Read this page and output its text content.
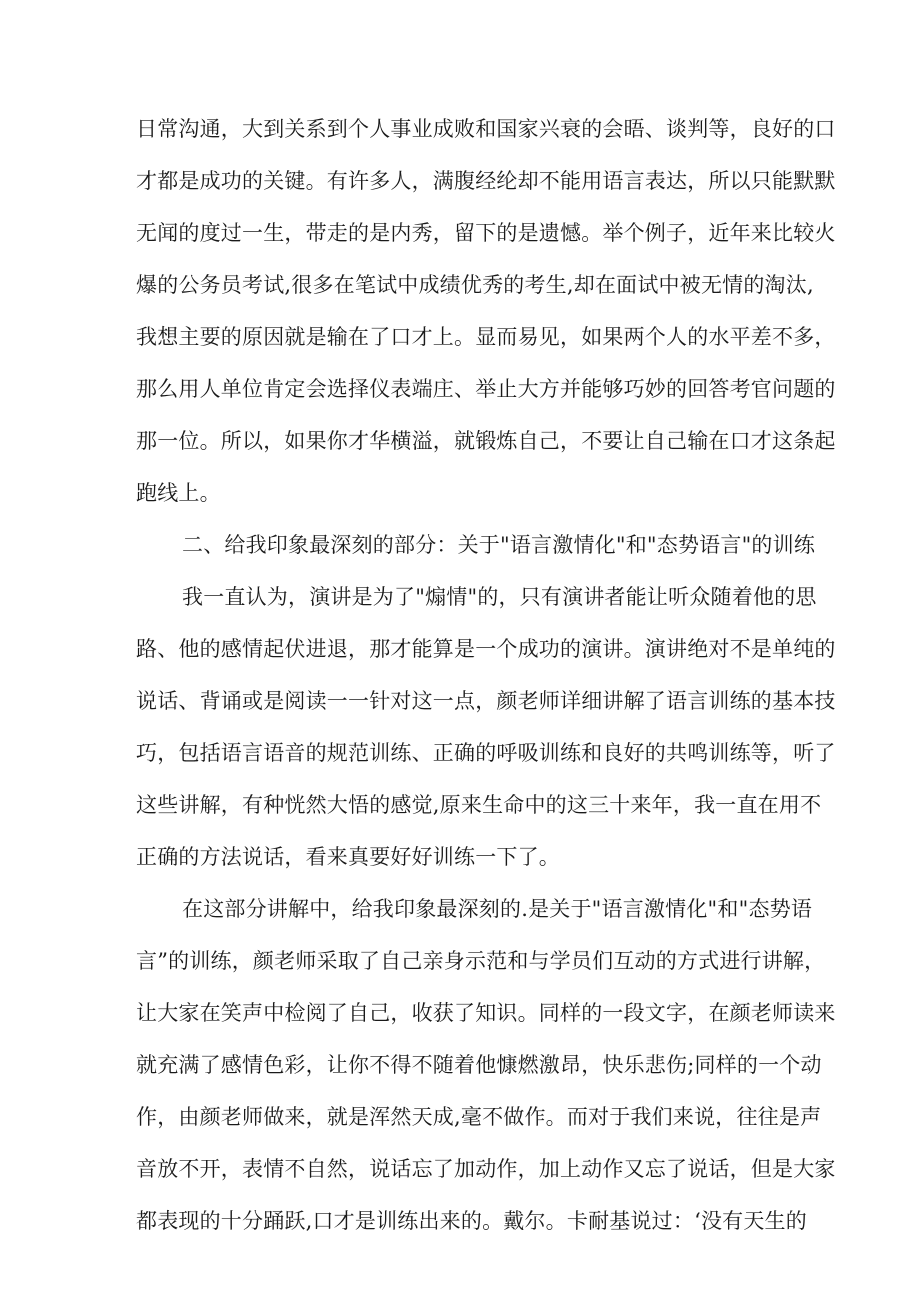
日常沟通，大到关系到个人事业成败和国家兴衰的会晤、谈判等，良好的口
才都是成功的关键。有许多人，满腹经纶却不能用语言表达，所以只能默默
无闻的度过一生，带走的是内秀，留下的是遗憾。举个例子，近年来比较火
爆的公务员考试,很多在笔试中成绩优秀的考生,却在面试中被无情的淘汰,
我想主要的原因就是输在了口才上。显而易见，如果两个人的水平差不多，
那么用人单位肯定会选择仪表端庄、举止大方并能够巧妙的回答考官问题的
那一位。所以，如果你才华横溢，就锻炼自己，不要让自己输在口才这条起
跑线上。
二、给我印象最深刻的部分：关于"语言激情化"和"态势语言"的训练
我一直认为，演讲是为了"煽情"的，只有演讲者能让听众随着他的思
路、他的感情起伏进退，那才能算是一个成功的演讲。演讲绝对不是单纯的
说话、背诵或是阅读一一针对这一点，颜老师详细讲解了语言训练的基本技
巧，包括语言语音的规范训练、正确的呼吸训练和良好的共鸣训练等，听了
这些讲解，有种恍然大悟的感觉,原来生命中的这三十来年，我一直在用不
正确的方法说话，看来真要好好训练一下了。
在这部分讲解中，给我印象最深刻的.是关于"语言激情化"和"态势语
言”的训练，颜老师采取了自己亲身示范和与学员们互动的方式进行讲解，
让大家在笑声中检阅了自己，收获了知识。同样的一段文字，在颜老师读来
就充满了感情色彩，让你不得不随着他慷燃激昂，快乐悲伤;同样的一个动
作，由颜老师做来，就是浑然天成,毫不做作。而对于我们来说，往往是声
音放不开，表情不自然，说话忘了加动作，加上动作又忘了说话，但是大家
都表现的十分踊跃,口才是训练出来的。戴尔。卡耐基说过：‘没有天生的
